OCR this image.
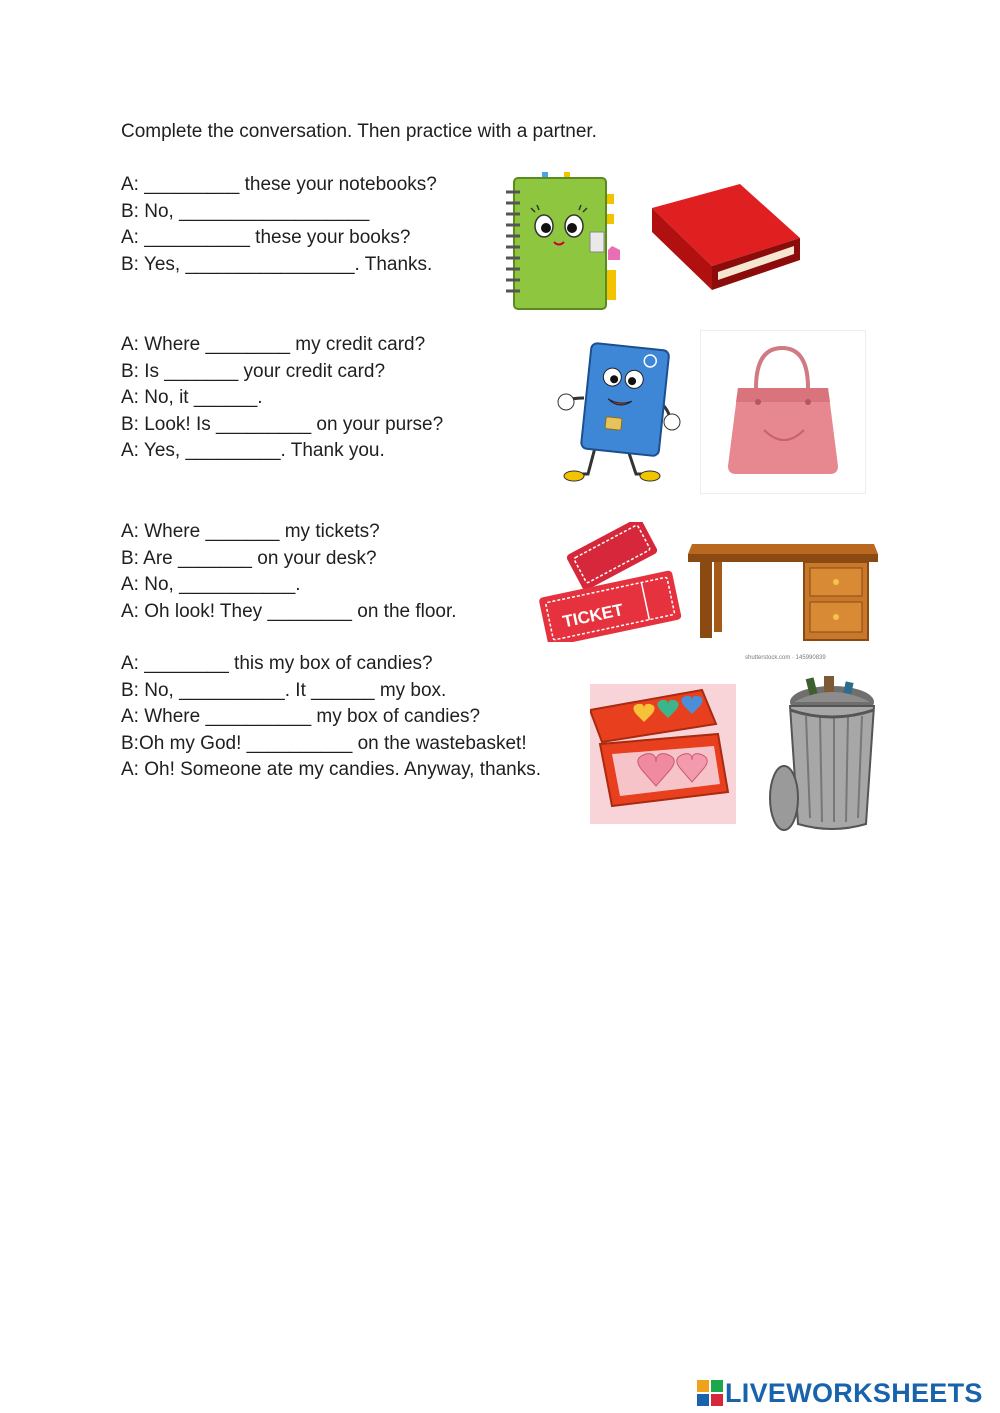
Complete the conversation. Then practice with a partner.
A: _________ these your notebooks?
B: No, __________________
A: __________ these your books?
B: Yes, ________________. Thanks.
A: Where ________ my credit card?
B: Is _______ your credit card?
A: No, it ______.
B: Look! Is _________ on your purse?
A: Yes, _________. Thank you.
A: Where _______ my tickets?
B: Are _______ on your desk?
A: No, ___________.
A: Oh look! They ________ on the floor.
A: ________ this my box of candies?
B: No, __________. It ______ my box.
A: Where __________ my box of candies?
B:Oh my God! __________ on the wastebasket!
A: Oh! Someone ate my candies. Anyway, thanks.
TICKET
shutterstock.com · 145990839
LIVEWORKSHEETS
